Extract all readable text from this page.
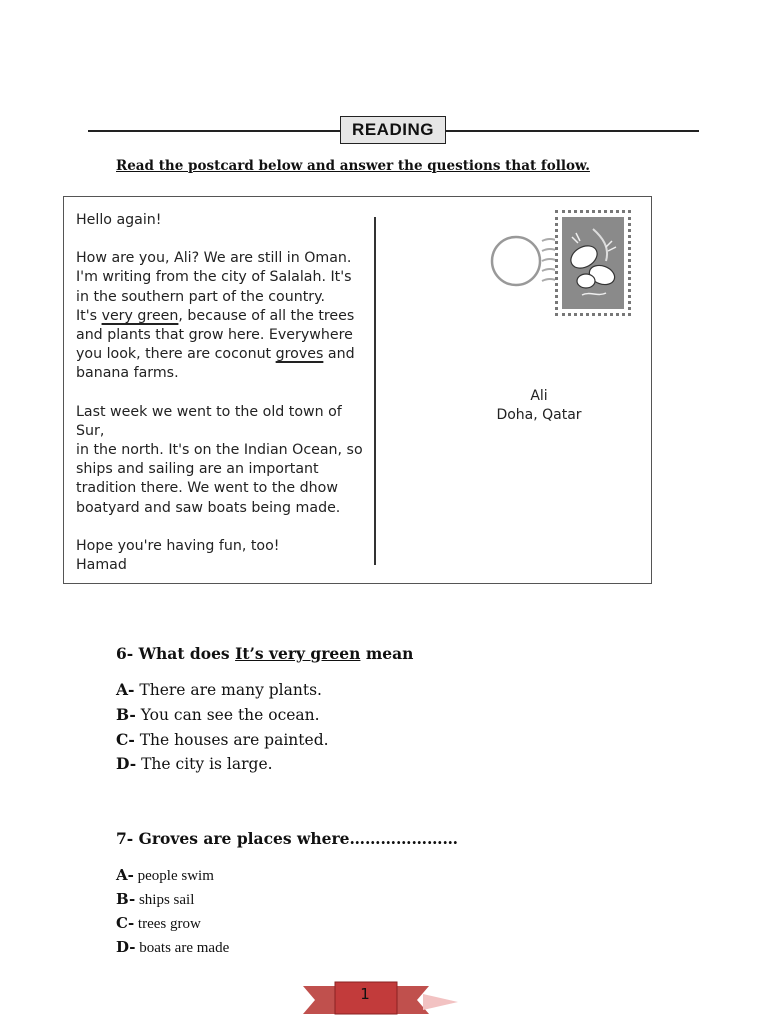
READING
Read the postcard below and answer the questions that follow.

Hello again!

How are you, Ali? We are still in Oman.

I'm writing from the city of Salalah. It's

in the southern part of the country.

It's very green, because of all the trees

and plants that grow here. Everywhere

you look, there are coconut groves and

banana farms.

Last week we went to the old town of Sur,

in the north. It's on the Indian Ocean, so

ships and sailing are an important

tradition there. We went to the dhow

boatyard and saw boats being made.

Hope you're having fun, too!

Hamad

Ali
Doha, Qatar
6- What does It’s very green mean
A- There are many plants.
B- You can see the ocean.
C- The houses are painted.
D- The city is large.
7- Groves are places where…………………
A- people swim
B- ships sail
C- trees grow
D- boats are made
1
